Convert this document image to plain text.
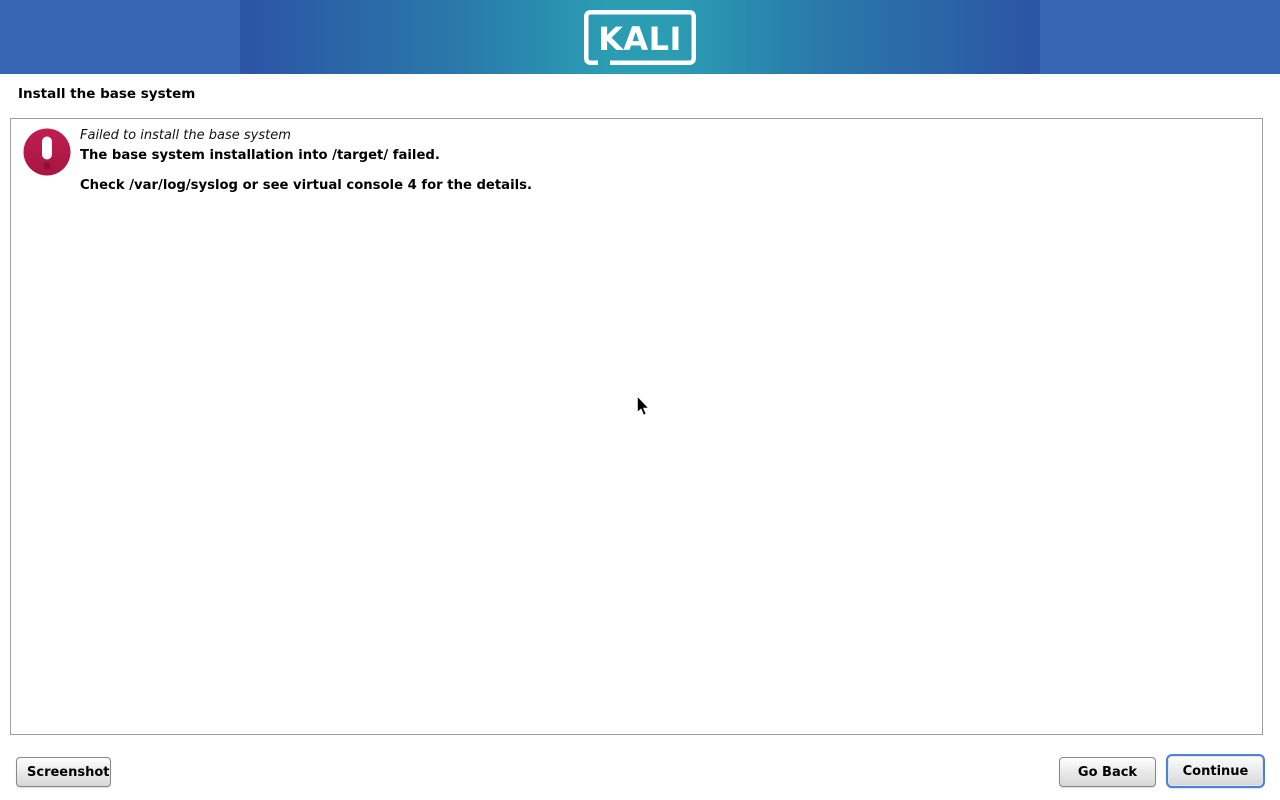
KALI
Install the base system

Failed to install the base system

The base system installation into /target/ failed.

Check /var/log/syslog or see virtual console 4 for the details.

Screenshot	Go Back	Continue
